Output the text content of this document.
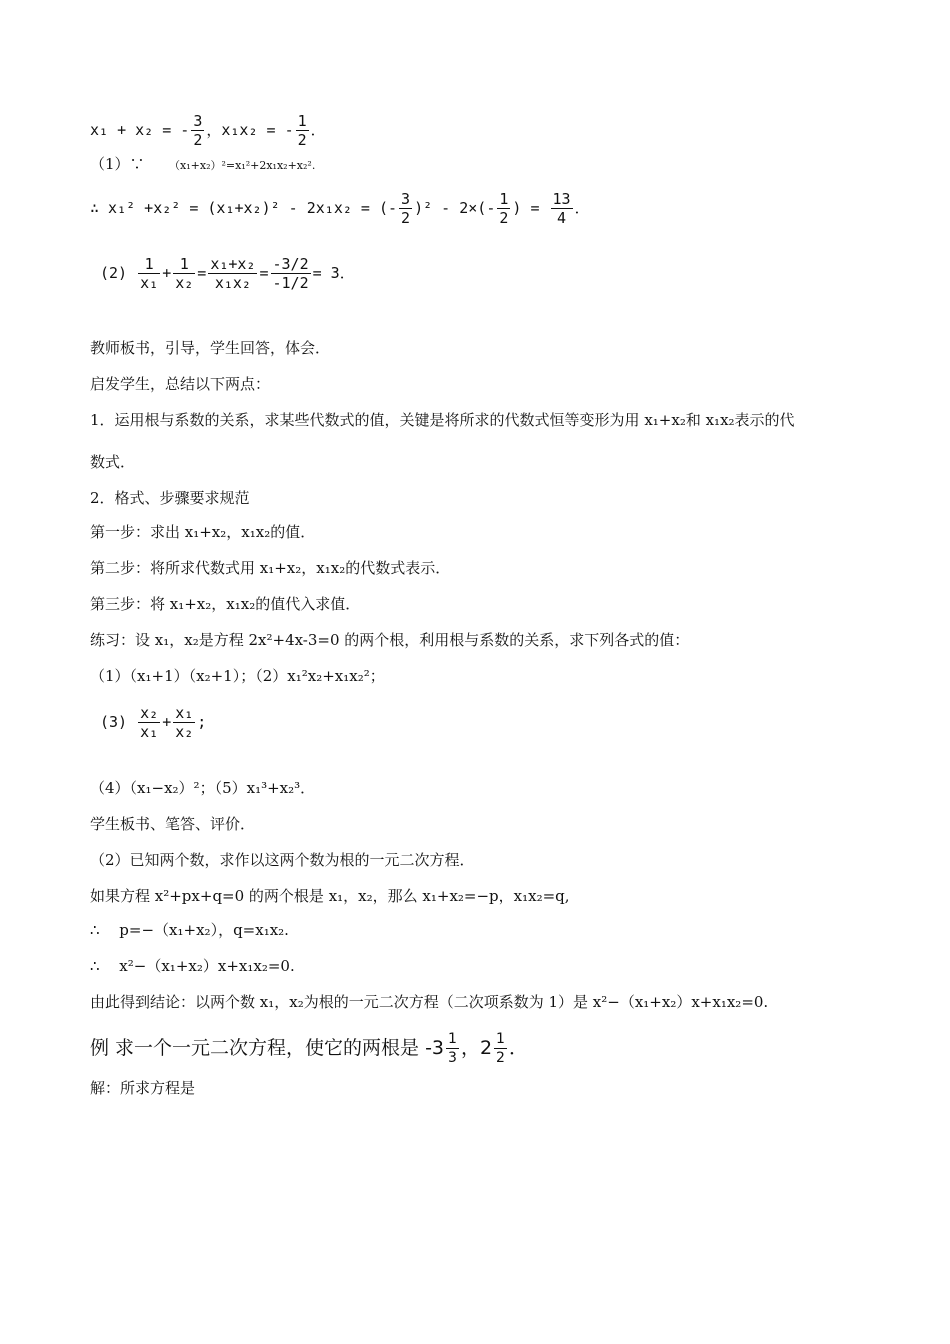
x₁ + x₂ = - $\frac{3}{2}$ ，x₁x₂ = - $\frac{1}{2}$ ．
（1）∵　　（x₁+x₂）²=x₁²+2x₁x₂+x₂².
∴ x₁² +x₂² = (x₁+x₂)² - 2x₁x₂ = (- $\frac{3}{2} )^2 - 2\times(- \frac{1}{2}$ ) = $\frac{13}{4}$ ．
$(2) \frac{1}{\text{x₁}} + \frac{1}{\text{x₂}} = \frac{\text{x₁+x₂}}{\text{x₁x₂}} = \frac{-3/2}{-1/2} = 3$．
教师板书，引导，学生回答，体会．
启发学生，总结以下两点：
1．运用根与系数的关系，求某些代数式的值，关键是将所求的代数式恒等变形为用 x₁+x₂和 x₁x₂表示的代
数式．
2．格式、步骤要求规范
第一步：求出 x₁+x₂，x₁x₂的值．
第二步：将所求代数式用 x₁+x₂，x₁x₂的代数式表示．
第三步：将 x₁+x₂，x₁x₂的值代入求值．
练习：设 x₁，x₂是方程 2x²+4x-3=0 的两个根，利用根与系数的关系，求下列各式的值：
（1）（x₁+1）（x₂+1）；（2）x₁²x₂+x₁x₂²；
$(3) \frac{\text{x₂}}{\text{x₁}} + \frac{\text{x₁}}{\text{x₂}}$ ;
（4）（x₁−x₂）²；（5）x₁³+x₂³．
学生板书、笔答、评价．
（2）已知两个数，求作以这两个数为根的一元二次方程．
如果方程 x²+px+q=0 的两个根是 x₁，x₂，那么 x₁+x₂=−p，x₁x₂=q,
∴　 p=−（x₁+x₂），q=x₁x₂.
∴　 x²−（x₁+x₂）x+x₁x₂=0.
由此得到结论：以两个数 x₁，x₂为根的一元二次方程（二次项系数为 1）是 x²−（x₁+x₂）x+x₁x₂=0.
例 求一个一元二次方程，使它的两根是 $-3 \frac{1}{3}$ ，$2 \frac{1}{2}$ ．
解：所求方程是
